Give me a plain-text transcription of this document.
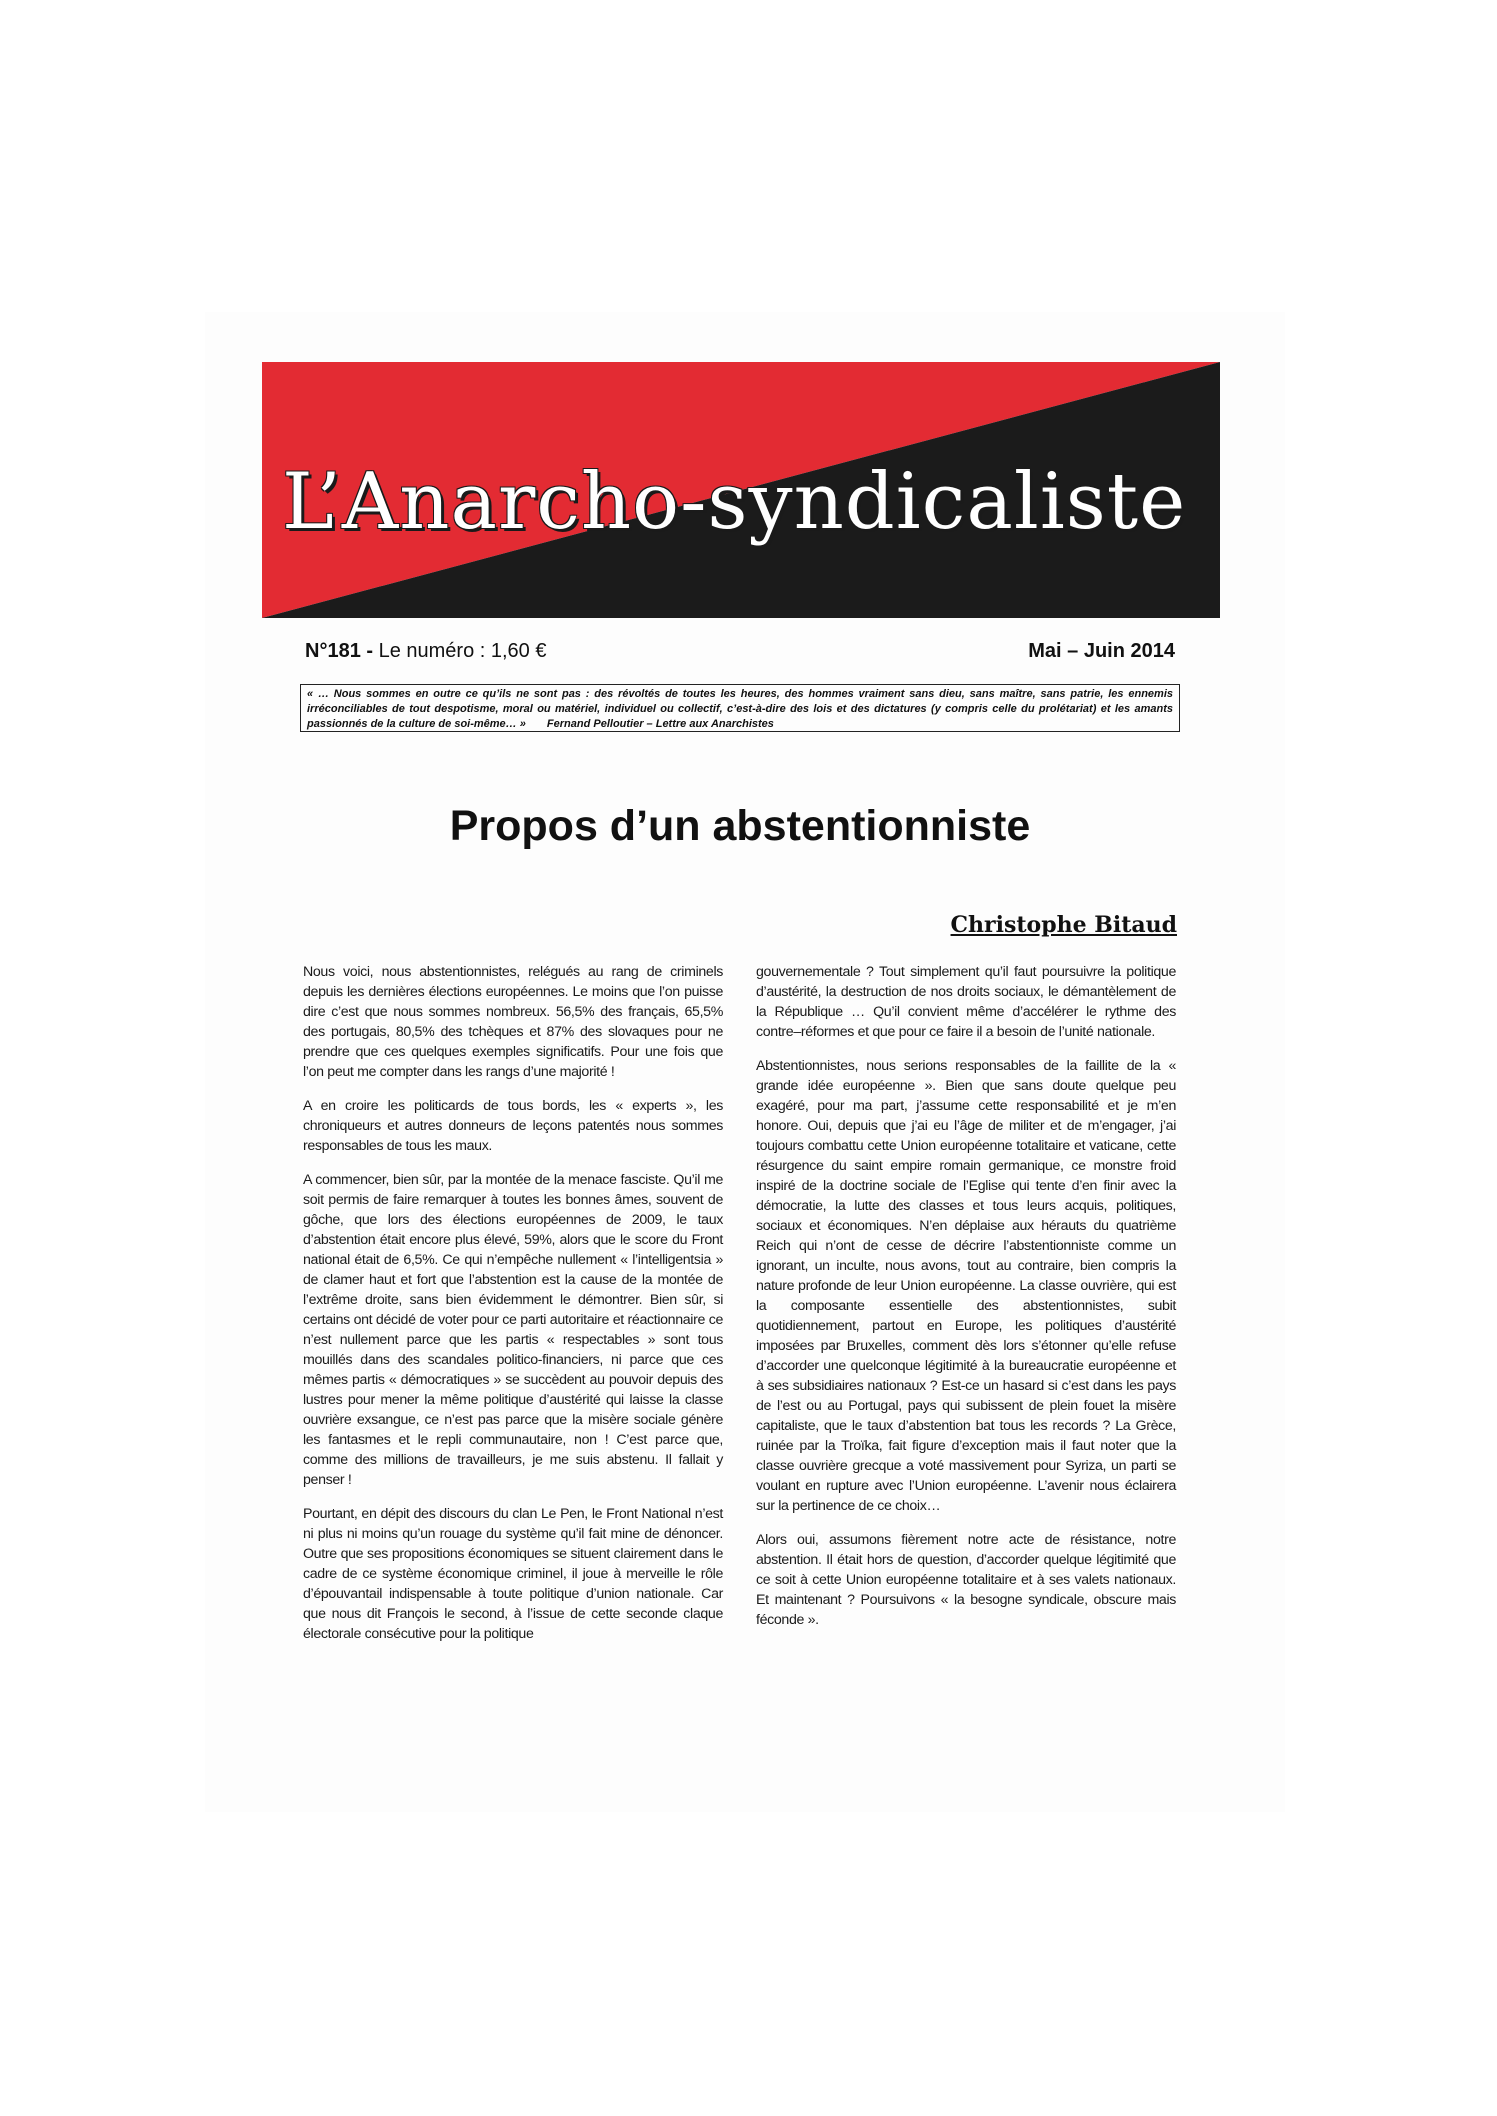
L’Anarcho-syndicaliste
N°181 - Le numéro : 1,60 €	Mai – Juin 2014
« … Nous sommes en outre ce qu’ils ne sont pas : des révoltés de toutes les heures, des hommes vraiment sans dieu, sans maître, sans patrie, les ennemis irréconciliables de tout despotisme, moral ou matériel, individuel ou collectif, c’est-à-dire des lois et des dictatures (y compris celle du prolétariat) et les amants passionnés de la culture de soi-même… » Fernand Pelloutier – Lettre aux Anarchistes
Propos d’un abstentionniste
Christophe Bitaud

Nous voici, nous abstentionnistes, relégués au rang de criminels depuis les dernières élections européennes. Le moins que l’on puisse dire c’est que nous sommes nombreux. 56,5% des français, 65,5% des portugais, 80,5% des tchèques et 87% des slovaques pour ne prendre que ces quelques exemples significatifs. Pour une fois que l’on peut me compter dans les rangs d’une majorité !

A en croire les politicards de tous bords, les « experts », les chroniqueurs et autres donneurs de leçons patentés nous sommes responsables de tous les maux.

A commencer, bien sûr, par la montée de la menace fasciste. Qu’il me soit permis de faire remarquer à toutes les bonnes âmes, souvent de gôche, que lors des élections européennes de 2009, le taux d’abstention était encore plus élevé, 59%, alors que le score du Front national était de 6,5%. Ce qui n’empêche nullement « l’intelligentsia » de clamer haut et fort que l’abstention est la cause de la montée de l’extrême droite, sans bien évidemment le démontrer. Bien sûr, si certains ont décidé de voter pour ce parti autoritaire et réactionnaire ce n’est nullement parce que les partis « respectables » sont tous mouillés dans des scandales politico-financiers, ni parce que ces mêmes partis « démocratiques » se succèdent au pouvoir depuis des lustres pour mener la même politique d’austérité qui laisse la classe ouvrière exsangue, ce n’est pas parce que la misère sociale génère les fantasmes et le repli communautaire, non ! C’est parce que, comme des millions de travailleurs, je me suis abstenu. Il fallait y penser !

Pourtant, en dépit des discours du clan Le Pen, le Front National n’est ni plus ni moins qu’un rouage du système qu’il fait mine de dénoncer. Outre que ses propositions économiques se situent clairement dans le cadre de ce système économique criminel, il joue à merveille le rôle d’épouvantail indispensable à toute politique d’union nationale. Car que nous dit François le second, à l’issue de cette seconde claque électorale consécutive pour la politique

gouvernementale ? Tout simplement qu’il faut poursuivre la politique d’austérité, la destruction de nos droits sociaux, le démantèlement de la République … Qu’il convient même d’accélérer le rythme des contre–réformes et que pour ce faire il a besoin de l’unité nationale.

Abstentionnistes, nous serions responsables de la faillite de la « grande idée européenne ». Bien que sans doute quelque peu exagéré, pour ma part, j’assume cette responsabilité et je m’en honore. Oui, depuis que j’ai eu l’âge de militer et de m’engager, j’ai toujours combattu cette Union européenne totalitaire et vaticane, cette résurgence du saint empire romain germanique, ce monstre froid inspiré de la doctrine sociale de l’Eglise qui tente d’en finir avec la démocratie, la lutte des classes et tous leurs acquis, politiques, sociaux et économiques. N’en déplaise aux hérauts du quatrième Reich qui n’ont de cesse de décrire l’abstentionniste comme un ignorant, un inculte, nous avons, tout au contraire, bien compris la nature profonde de leur Union européenne. La classe ouvrière, qui est la composante essentielle des abstentionnistes, subit quotidiennement, partout en Europe, les politiques d’austérité imposées par Bruxelles, comment dès lors s’étonner qu’elle refuse d’accorder une quelconque légitimité à la bureaucratie européenne et à ses subsidiaires nationaux ? Est-ce un hasard si c’est dans les pays de l’est ou au Portugal, pays qui subissent de plein fouet la misère capitaliste, que le taux d’abstention bat tous les records ? La Grèce, ruinée par la Troïka, fait figure d’exception mais il faut noter que la classe ouvrière grecque a voté massivement pour Syriza, un parti se voulant en rupture avec l’Union européenne. L’avenir nous éclairera sur la pertinence de ce choix…

Alors oui, assumons fièrement notre acte de résistance, notre abstention. Il était hors de question, d’accorder quelque légitimité que ce soit à cette Union européenne totalitaire et à ses valets nationaux. Et maintenant ? Poursuivons « la besogne syndicale, obscure mais féconde ».
